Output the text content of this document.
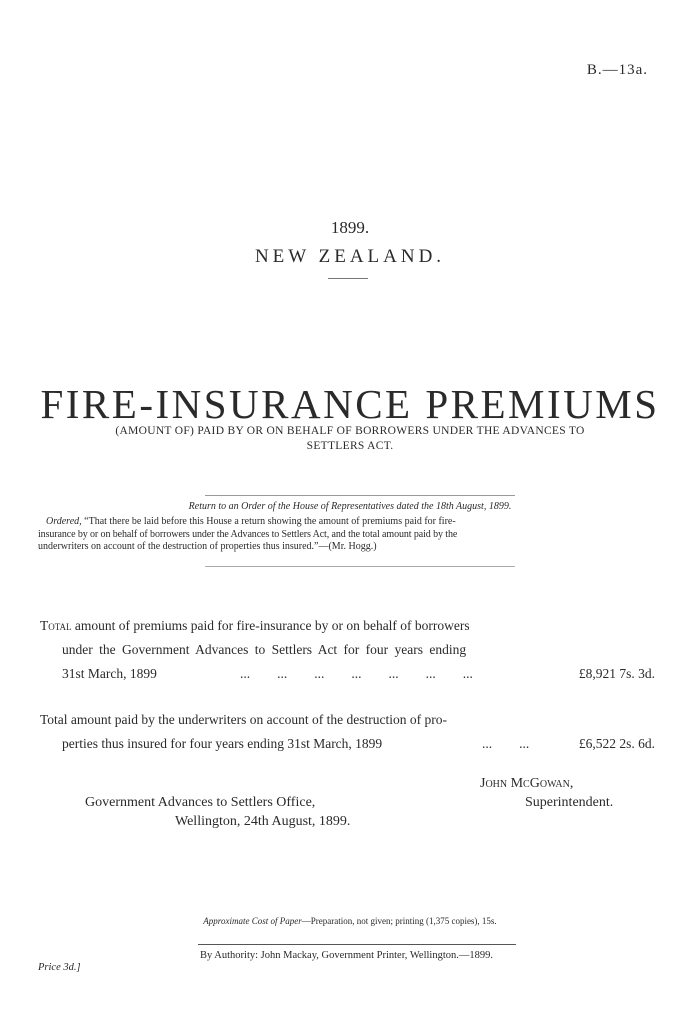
B.—13a.
1899.
NEW ZEALAND.
FIRE-INSURANCE PREMIUMS
(AMOUNT OF) PAID BY OR ON BEHALF OF BORROWERS UNDER THE ADVANCES TO
SETTLERS ACT.
Return to an Order of the House of Representatives dated the 18th August, 1899.
Ordered, “That there be laid before this House a return showing the amount of premiums paid for fire-
insurance by or on behalf of borrowers under the Advances to Settlers Act, and the total amount paid by the
underwriters on account of the destruction of properties thus insured.”—(Mr. Hogg.)
Total amount of premiums paid for fire-insurance by or on behalf of borrowers
under the Government Advances to Settlers Act for four years ending
31st March, 1899	...        ...        ...        ...        ...        ...        ...	£8,921 7s. 3d.
Total amount paid by the underwriters on account of the destruction of pro-
perties thus insured for four years ending 31st March, 1899	...        ...	£6,522 2s. 6d.
John McGowan,
Superintendent.
Government Advances to Settlers Office,
Wellington, 24th August, 1899.
Approximate Cost of Paper—Preparation, not given; printing (1,375 copies), 15s.
By Authority: John Mackay, Government Printer, Wellington.—1899.
Price 3d.]
